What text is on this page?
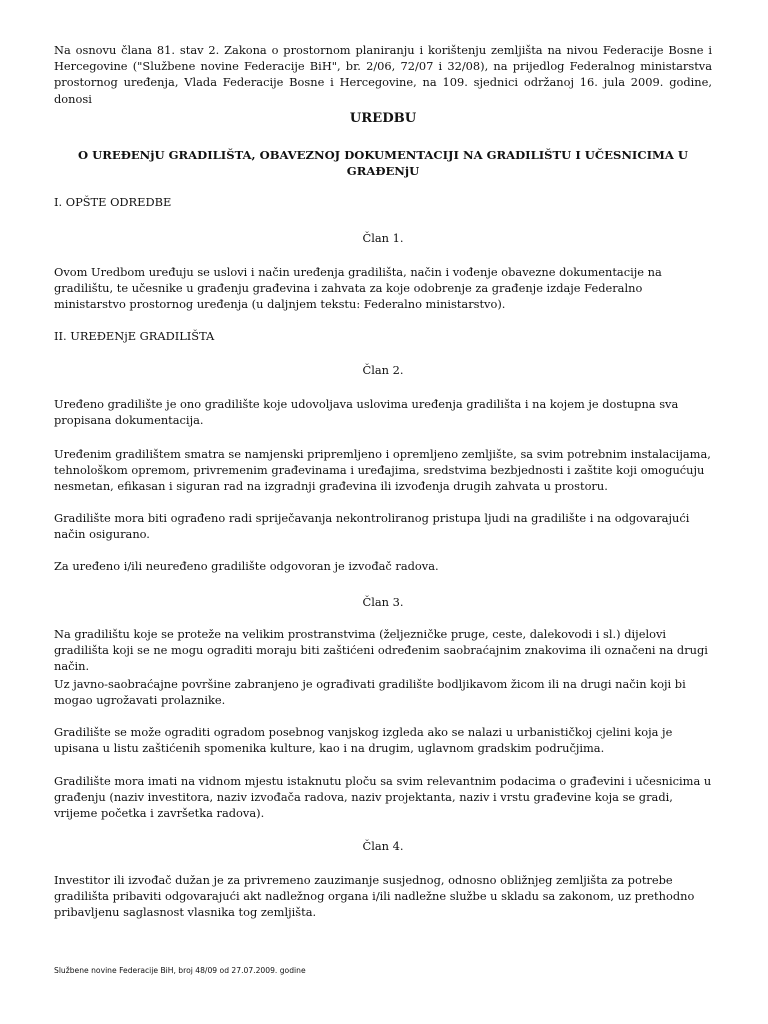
Na osnovu člana 81. stav 2. Zakona o prostornom planiranju i korištenju zemljišta na nivou Federacije Bosne i Hercegovine ("Službene novine Federacije BiH", br. 2/06, 72/07 i 32/08), na prijedlog Federalnog ministarstva prostornog uređenja, Vlada Federacije Bosne i Hercegovine, na 109. sjednici održanoj 16. jula 2009. godine, donosi

UREDBU
O UREĐENjU GRADILIŠTA, OBAVEZNOJ DOKUMENTACIJI NA GRADILIŠTU I UČESNICIMA U GRAĐENjU
I. OPŠTE ODREDBE
Član 1.

Ovom Uredbom uređuju se uslovi i način uređenja gradilišta, način i vođenje obavezne dokumentacije na gradilištu, te učesnike u građenju građevina i zahvata za koje odobrenje za građenje izdaje Federalno ministarstvo prostornog uređenja (u daljnjem tekstu: Federalno ministarstvo).

II. UREĐENjE GRADILIŠTA
Član 2.

Uređeno gradilište je ono gradilište koje udovoljava uslovima uređenja gradilišta i na kojem je dostupna sva propisana dokumentacija.

Uređenim gradilištem smatra se namjenski pripremljeno i opremljeno zemljište, sa svim potrebnim instalacijama, tehnološkom opremom, privremenim građevinama i uređajima, sredstvima bezbjednosti i zaštite koji omogućuju nesmetan, efikasan i siguran rad na izgradnji građevina ili izvođenja drugih zahvata u prostoru.

Gradilište mora biti ograđeno radi spriječavanja nekontroliranog pristupa ljudi na gradilište i na odgovarajući način osigurano.

Za uređeno i/ili neuređeno gradilište odgovoran je izvođač radova.

Član 3.

Na gradilištu koje se proteže na velikim prostranstvima (željezničke pruge, ceste, dalekovodi i sl.) dijelovi gradilišta koji se ne mogu ograditi moraju biti zaštićeni određenim saobraćajnim znakovima ili označeni na drugi način.

Uz javno-saobraćajne površine zabranjeno je ograđivati gradilište bodljikavom žicom ili na drugi način koji bi mogao ugrožavati prolaznike.

Gradilište se može ograditi ogradom posebnog vanjskog izgleda ako se nalazi u urbanističkoj cjelini koja je upisana u listu zaštićenih spomenika kulture, kao i na drugim, uglavnom gradskim područjima.

Gradilište mora imati na vidnom mjestu istaknutu ploču sa svim relevantnim podacima o građevini i učesnicima u građenju (naziv investitora, naziv izvođača radova, naziv projektanta, naziv i vrstu građevine koja se gradi, vrijeme početka i završetka radova).

Član 4.

Investitor ili izvođač dužan je za privremeno zauzimanje susjednog, odnosno obližnjeg zemljišta za potrebe gradilišta pribaviti odgovarajući akt nadležnog organa i/ili nadležne službe u skladu sa zakonom, uz prethodno pribavljenu saglasnost vlasnika tog zemljišta.

Službene novine Federacije BiH, broj 48/09 od 27.07.2009. godine
